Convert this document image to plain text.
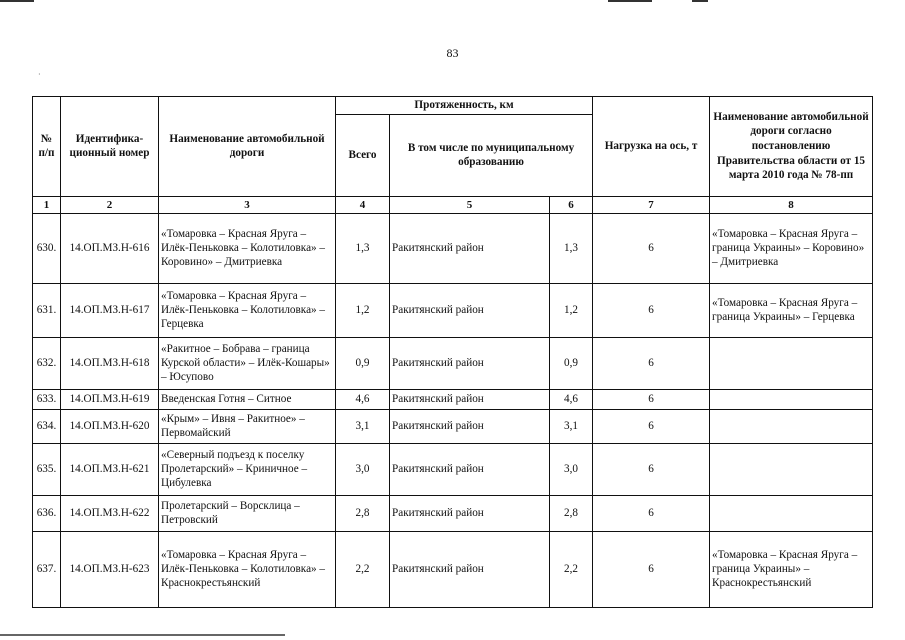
83
·
№ п/п	Идентифика-ционный номер	Наименование автомобильной дороги	Протяженность, км			Нагрузка на ось, т	Наименование автомобильной дороги согласно постановлению Правительства области от 15 марта 2010 года № 78-пп
			Всего	В том числе по муниципальному образованию			
1	2	3	4	5	6	7	8
630.	14.ОП.МЗ.Н-616	«Томаровка – Красная Яруга – Илёк-Пеньковка – Колотиловка» – Коровино» – Дмитриевка	1,3	Ракитянский район	1,3	6	«Томаровка – Красная Яруга – граница Украины» – Коровино» – Дмитриевка
631.	14.ОП.МЗ.Н-617	«Томаровка – Красная Яруга – Илёк-Пеньковка – Колотиловка» – Герцевка	1,2	Ракитянский район	1,2	6	«Томаровка – Красная Яруга – граница Украины» – Герцевка
632.	14.ОП.МЗ.Н-618	«Ракитное – Бобрава – граница Курской области» – Илёк-Кошары» – Юсупово	0,9	Ракитянский район	0,9	6	
633.	14.ОП.МЗ.Н-619	Введенская Готня – Ситное	4,6	Ракитянский район	4,6	6	
634.	14.ОП.МЗ.Н-620	«Крым» – Ивня – Ракитное» – Первомайский	3,1	Ракитянский район	3,1	6	
635.	14.ОП.МЗ.Н-621	«Северный подъезд к поселку Пролетарский» – Криничное – Цибулевка	3,0	Ракитянский район	3,0	6	
636.	14.ОП.МЗ.Н-622	Пролетарский – Ворсклица – Петровский	2,8	Ракитянский район	2,8	6	
637.	14.ОП.МЗ.Н-623	«Томаровка – Красная Яруга – Илёк-Пеньковка – Колотиловка» – Краснокрестьянский	2,2	Ракитянский район	2,2	6	«Томаровка – Красная Яруга – граница Украины» – Краснокрестьянский
